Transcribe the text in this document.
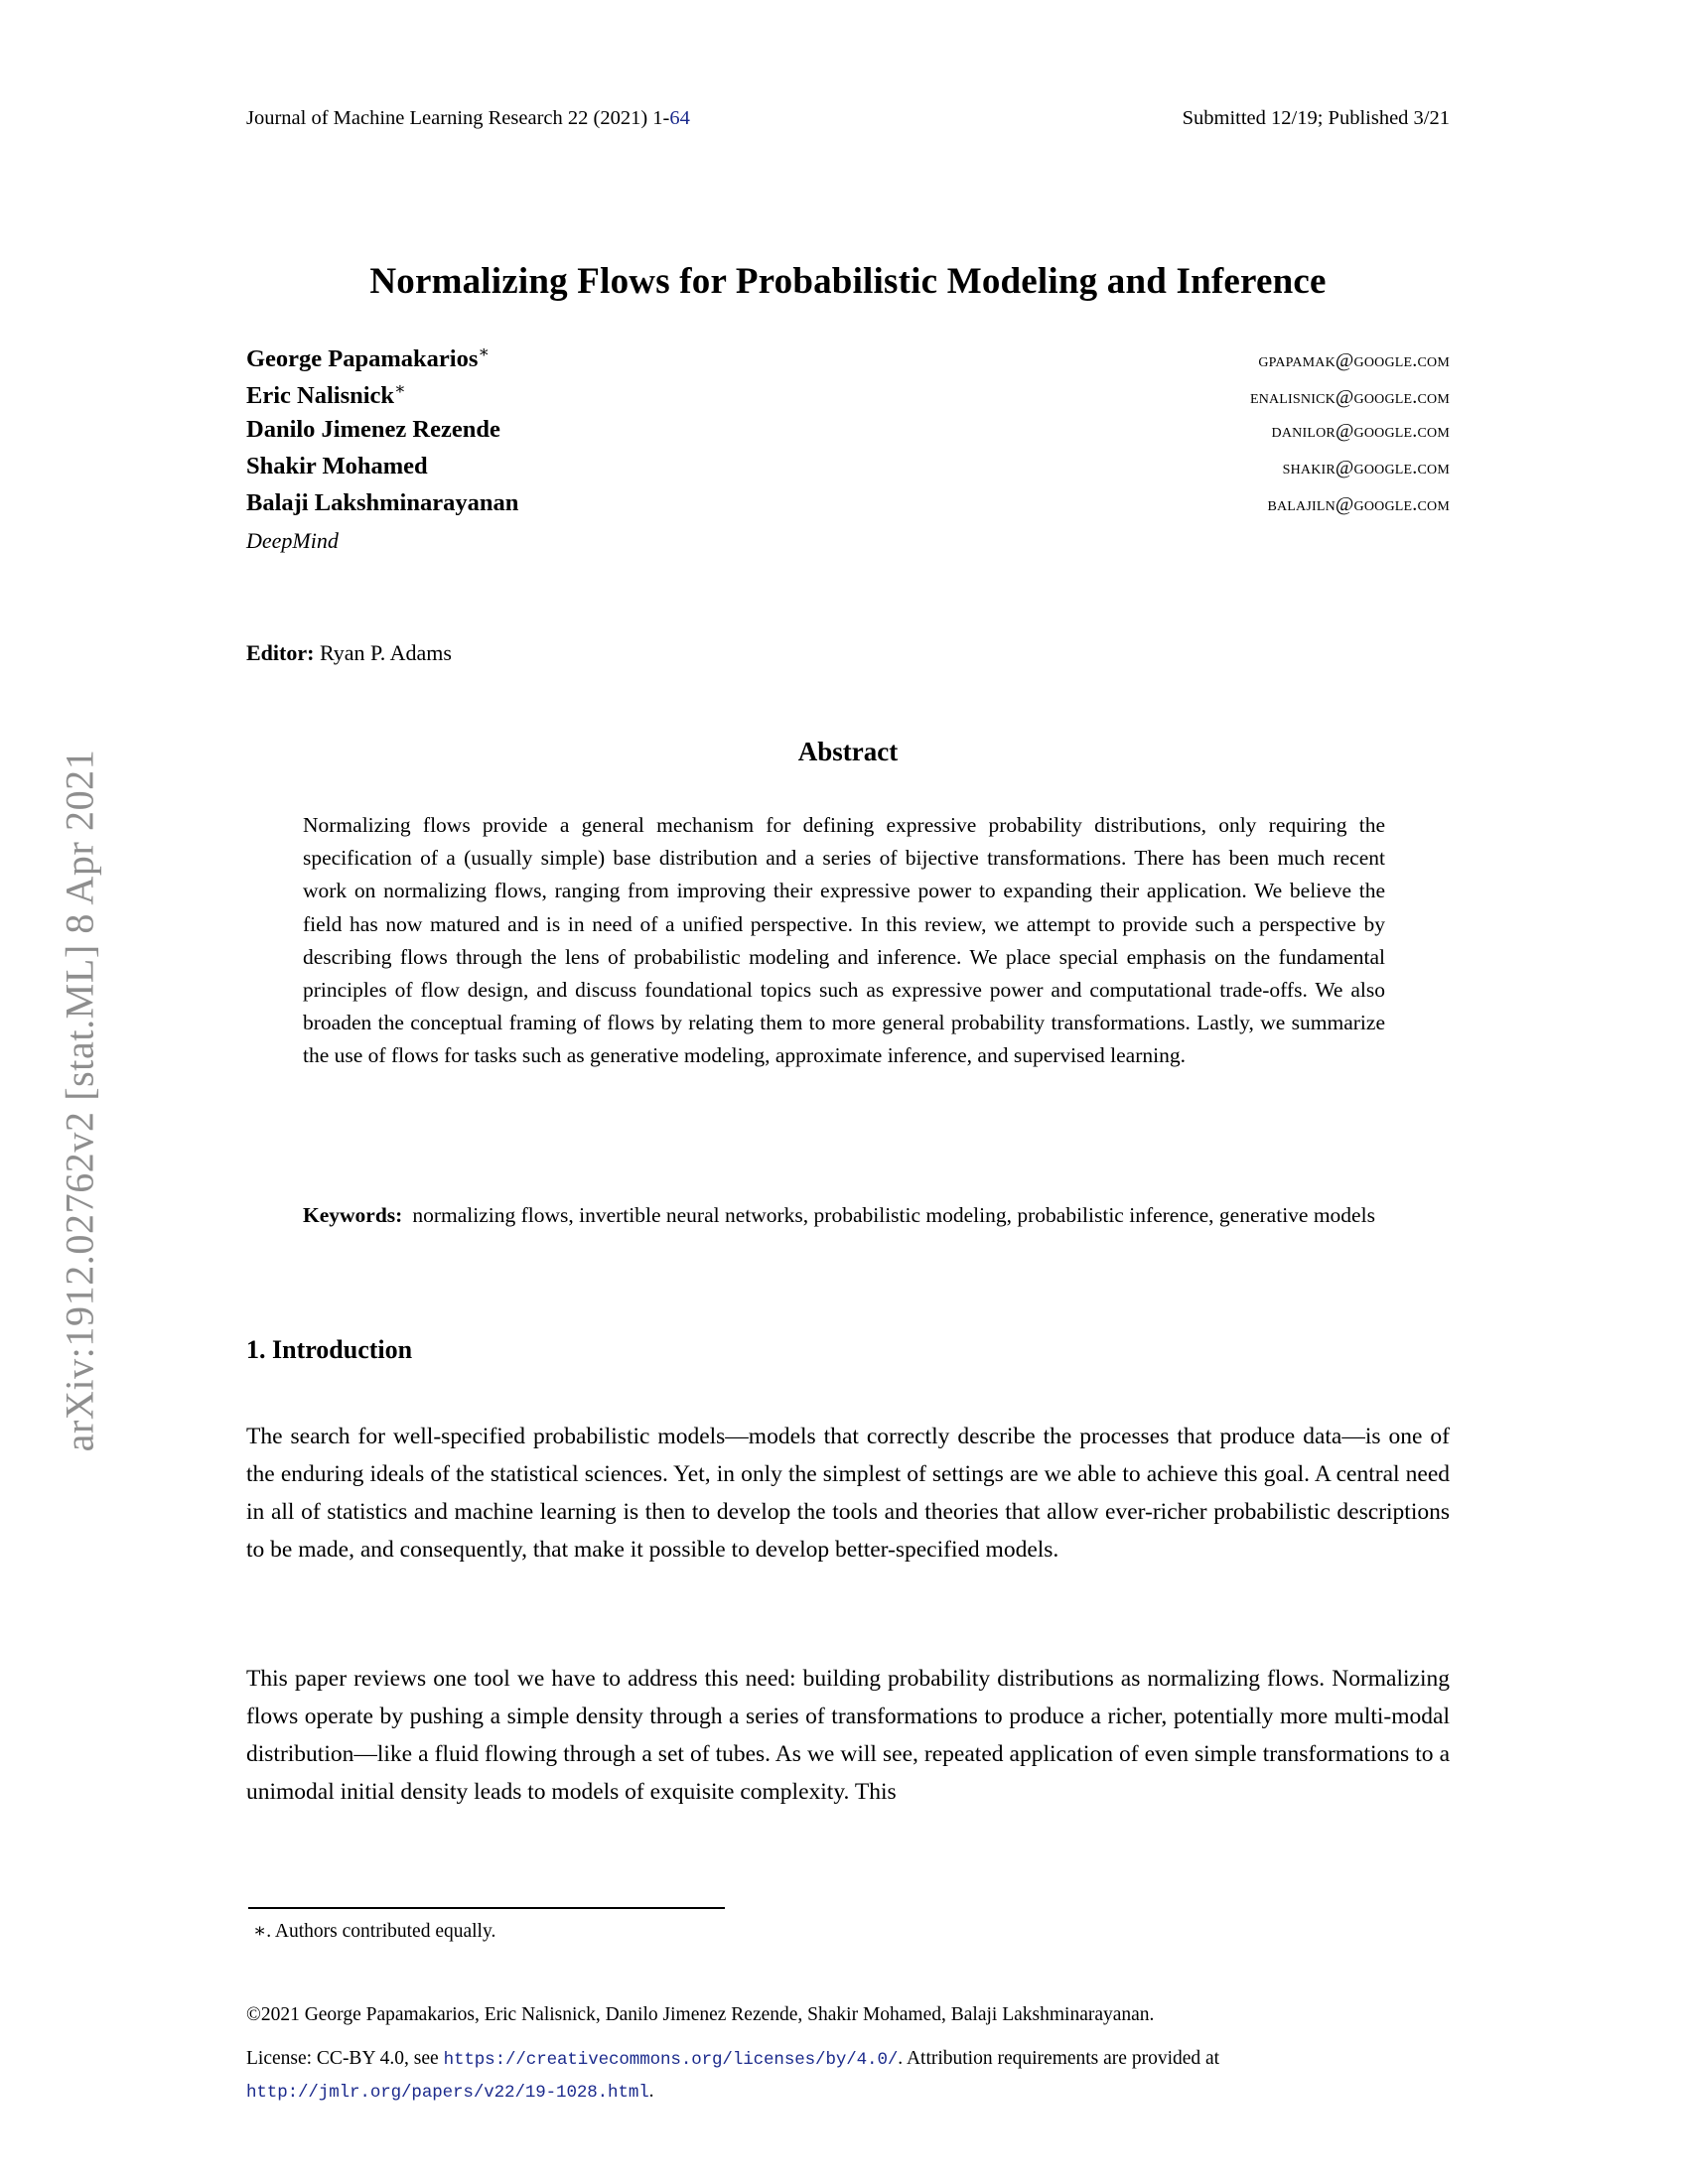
arXiv:1912.02762v2 [stat.ML] 8 Apr 2021
Journal of Machine Learning Research 22 (2021) 1-64	Submitted 12/19; Published 3/21
Normalizing Flows for Probabilistic Modeling and Inference
George Papamakarios∗	gpapamak@google.com
Eric Nalisnick∗	enalisnick@google.com
Danilo Jimenez Rezende	danilor@google.com
Shakir Mohamed	shakir@google.com
Balaji Lakshminarayanan	balajiln@google.com
DeepMind
Editor: Ryan P. Adams
Abstract
Normalizing flows provide a general mechanism for defining expressive probability distributions, only requiring the specification of a (usually simple) base distribution and a series of bijective transformations. There has been much recent work on normalizing flows, ranging from improving their expressive power to expanding their application. We believe the field has now matured and is in need of a unified perspective. In this review, we attempt to provide such a perspective by describing flows through the lens of probabilistic modeling and inference. We place special emphasis on the fundamental principles of flow design, and discuss foundational topics such as expressive power and computational trade-offs. We also broaden the conceptual framing of flows by relating them to more general probability transformations. Lastly, we summarize the use of flows for tasks such as generative modeling, approximate inference, and supervised learning.
Keywords: normalizing flows, invertible neural networks, probabilistic modeling, probabilistic inference, generative models
1. Introduction
The search for well-specified probabilistic models—models that correctly describe the processes that produce data—is one of the enduring ideals of the statistical sciences. Yet, in only the simplest of settings are we able to achieve this goal. A central need in all of statistics and machine learning is then to develop the tools and theories that allow ever-richer probabilistic descriptions to be made, and consequently, that make it possible to develop better-specified models.
This paper reviews one tool we have to address this need: building probability distributions as normalizing flows. Normalizing flows operate by pushing a simple density through a series of transformations to produce a richer, potentially more multi-modal distribution—like a fluid flowing through a set of tubes. As we will see, repeated application of even simple transformations to a unimodal initial density leads to models of exquisite complexity. This
∗. Authors contributed equally.
©2021 George Papamakarios, Eric Nalisnick, Danilo Jimenez Rezende, Shakir Mohamed, Balaji Lakshminarayanan.
License: CC-BY 4.0, see https://creativecommons.org/licenses/by/4.0/. Attribution requirements are provided at http://jmlr.org/papers/v22/19-1028.html.
